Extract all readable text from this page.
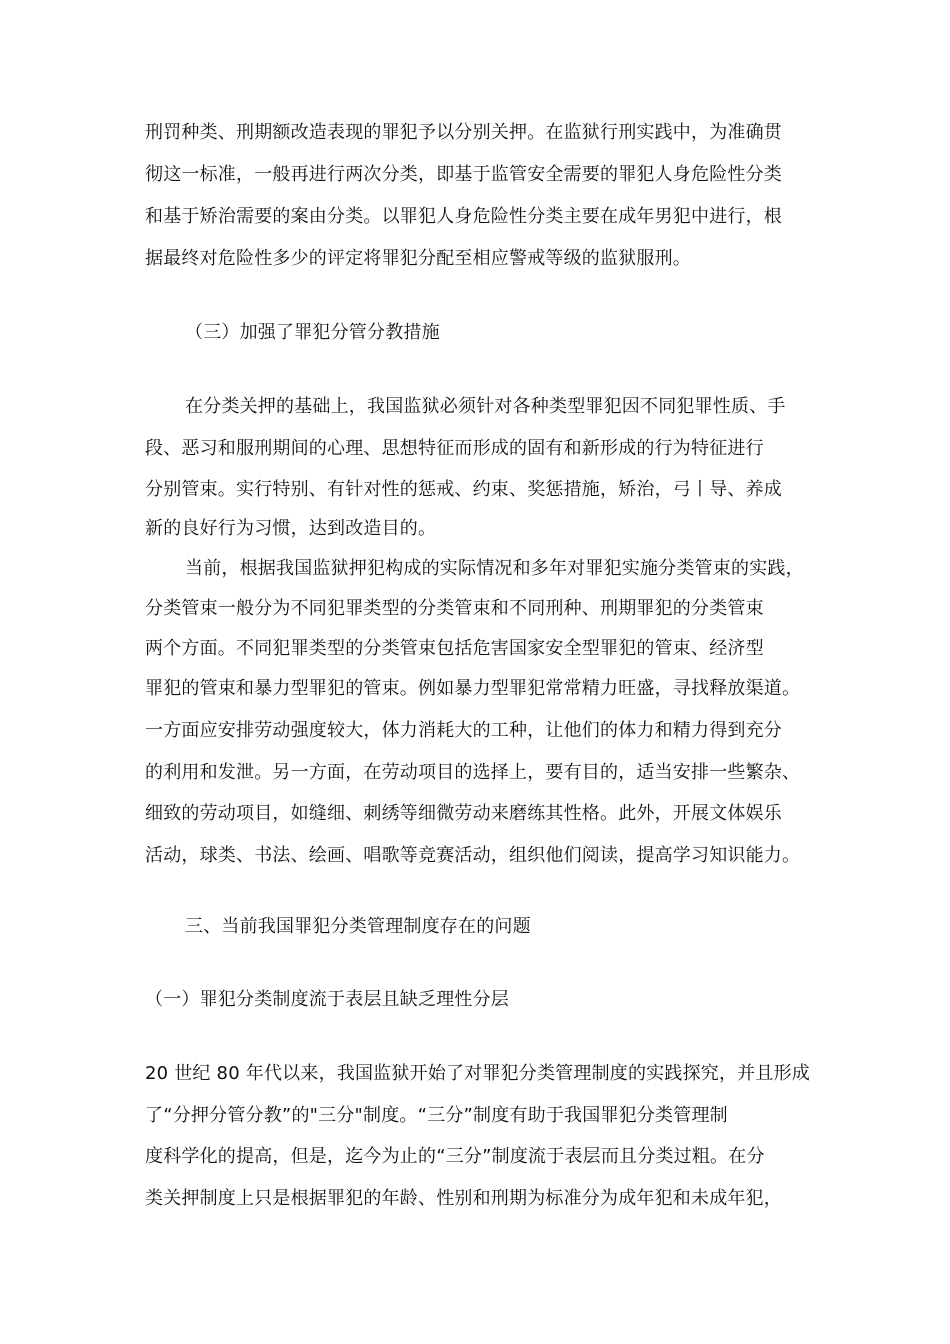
刑罚种类、刑期额改造表现的罪犯予以分别关押。在监狱行刑实践中，为准确贯
彻这一标准，一般再进行两次分类，即基于监管安全需要的罪犯人身危险性分类
和基于矫治需要的案由分类。以罪犯人身危险性分类主要在成年男犯中进行，根
据最终对危险性多少的评定将罪犯分配至相应警戒等级的监狱服刑。
（三）加强了罪犯分管分教措施
在分类关押的基础上，我国监狱必须针对各种类型罪犯因不同犯罪性质、手
段、恶习和服刑期间的心理、思想特征而形成的固有和新形成的行为特征进行
分别管束。实行特别、有针对性的惩戒、约束、奖惩措施，矫治，弓丨导、养成
新的良好行为习惯，达到改造目的。
当前，根据我国监狱押犯构成的实际情况和多年对罪犯实施分类管束的实践，
分类管束一般分为不同犯罪类型的分类管束和不同刑种、刑期罪犯的分类管束
两个方面。不同犯罪类型的分类管束包括危害国家安全型罪犯的管束、经济型
罪犯的管束和暴力型罪犯的管束。例如暴力型罪犯常常精力旺盛，寻找释放渠道。
一方面应安排劳动强度较大，体力消耗大的工种，让他们的体力和精力得到充分
的利用和发泄。另一方面，在劳动项目的选择上，要有目的，适当安排一些繁杂、
细致的劳动项目，如缝细、刺绣等细微劳动来磨练其性格。此外，开展文体娱乐
活动，球类、书法、绘画、唱歌等竞赛活动，组织他们阅读，提高学习知识能力。
三、当前我国罪犯分类管理制度存在的问题
（一）罪犯分类制度流于表层且缺乏理性分层
20 世纪 80 年代以来，我国监狱开始了对罪犯分类管理制度的实践探究，并且形成
了“分押分管分教”的"三分"制度。“三分”制度有助于我国罪犯分类管理制
度科学化的提高，但是，迄今为止的“三分”制度流于表层而且分类过粗。在分
类关押制度上只是根据罪犯的年龄、性别和刑期为标准分为成年犯和未成年犯，
